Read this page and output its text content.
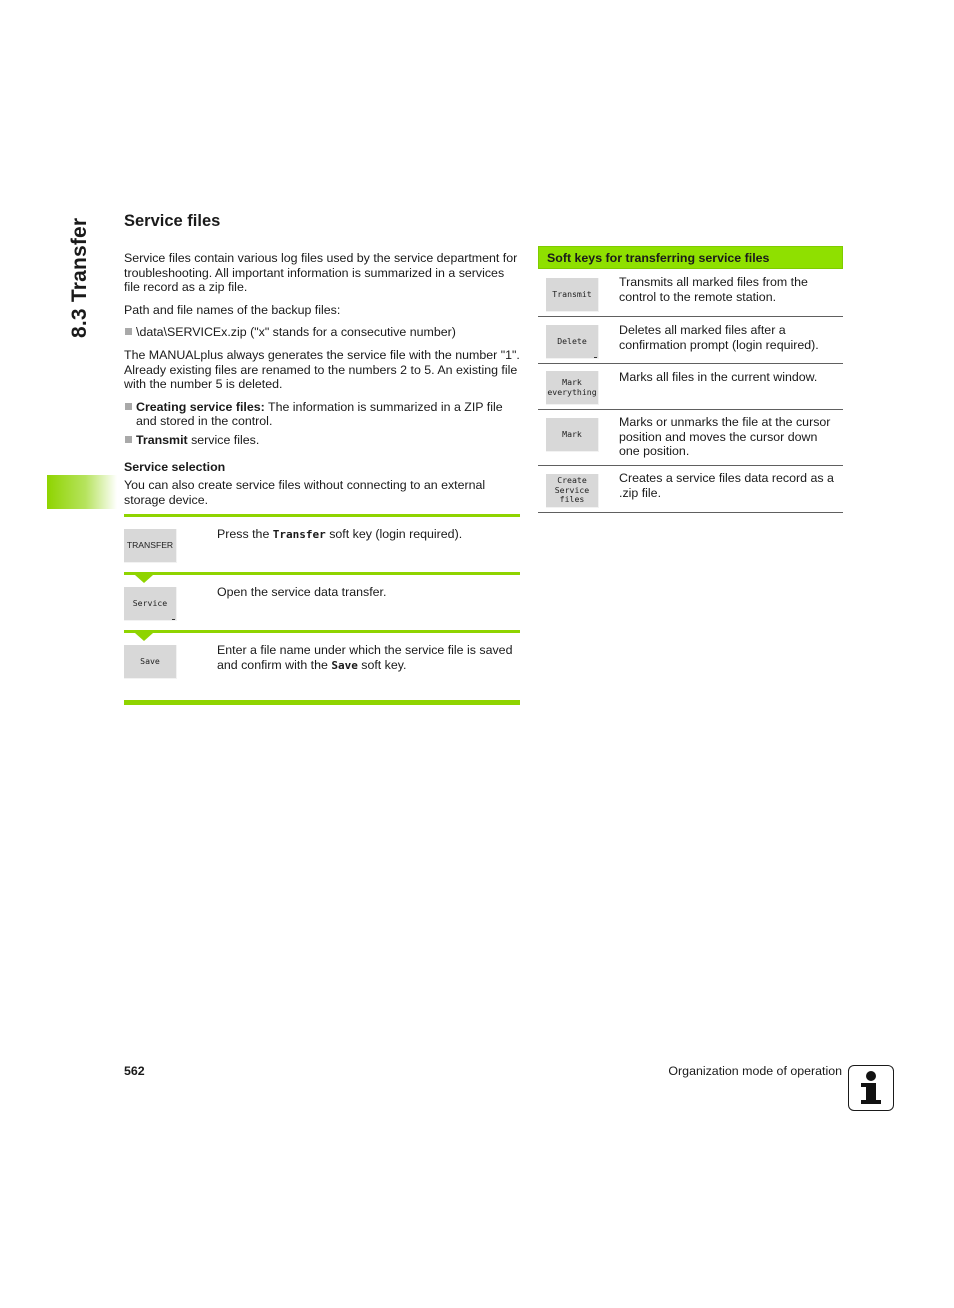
8.3 Transfer Service files

Service files contain various log files used by the service department for troubleshooting. All important information is summarized in a services file record as a zip file.

Path and file names of the backup files:

\data\SERVICEx.zip ("x" stands for a consecutive number)

The MANUALplus always generates the service file with the number "1". Already existing files are renamed to the numbers 2 to 5. An existing file with the number 5 is deleted.

Creating service files: The information is summarized in a ZIP file and stored in the control.

Transmit service files.

Service selection

You can also create service files without connecting to an external storage device.

TRANSFER
Press the Transfer soft key (login required).
Service
Open the service data transfer.
Save
Enter a file name under which the service file is saved and confirm with the Save soft key.
Soft keys for transferring service files
Transmit
Transmits all marked files from the control to the remote station.
Delete
Deletes all marked files after a confirmation prompt (login required).
Mark
everything
Marks all files in the current window.
Mark
Marks or unmarks the file at the cursor position and moves the cursor down one position.
Create
Service
files
Creates a service files data record as a .zip file.
562	Organization mode of operation
